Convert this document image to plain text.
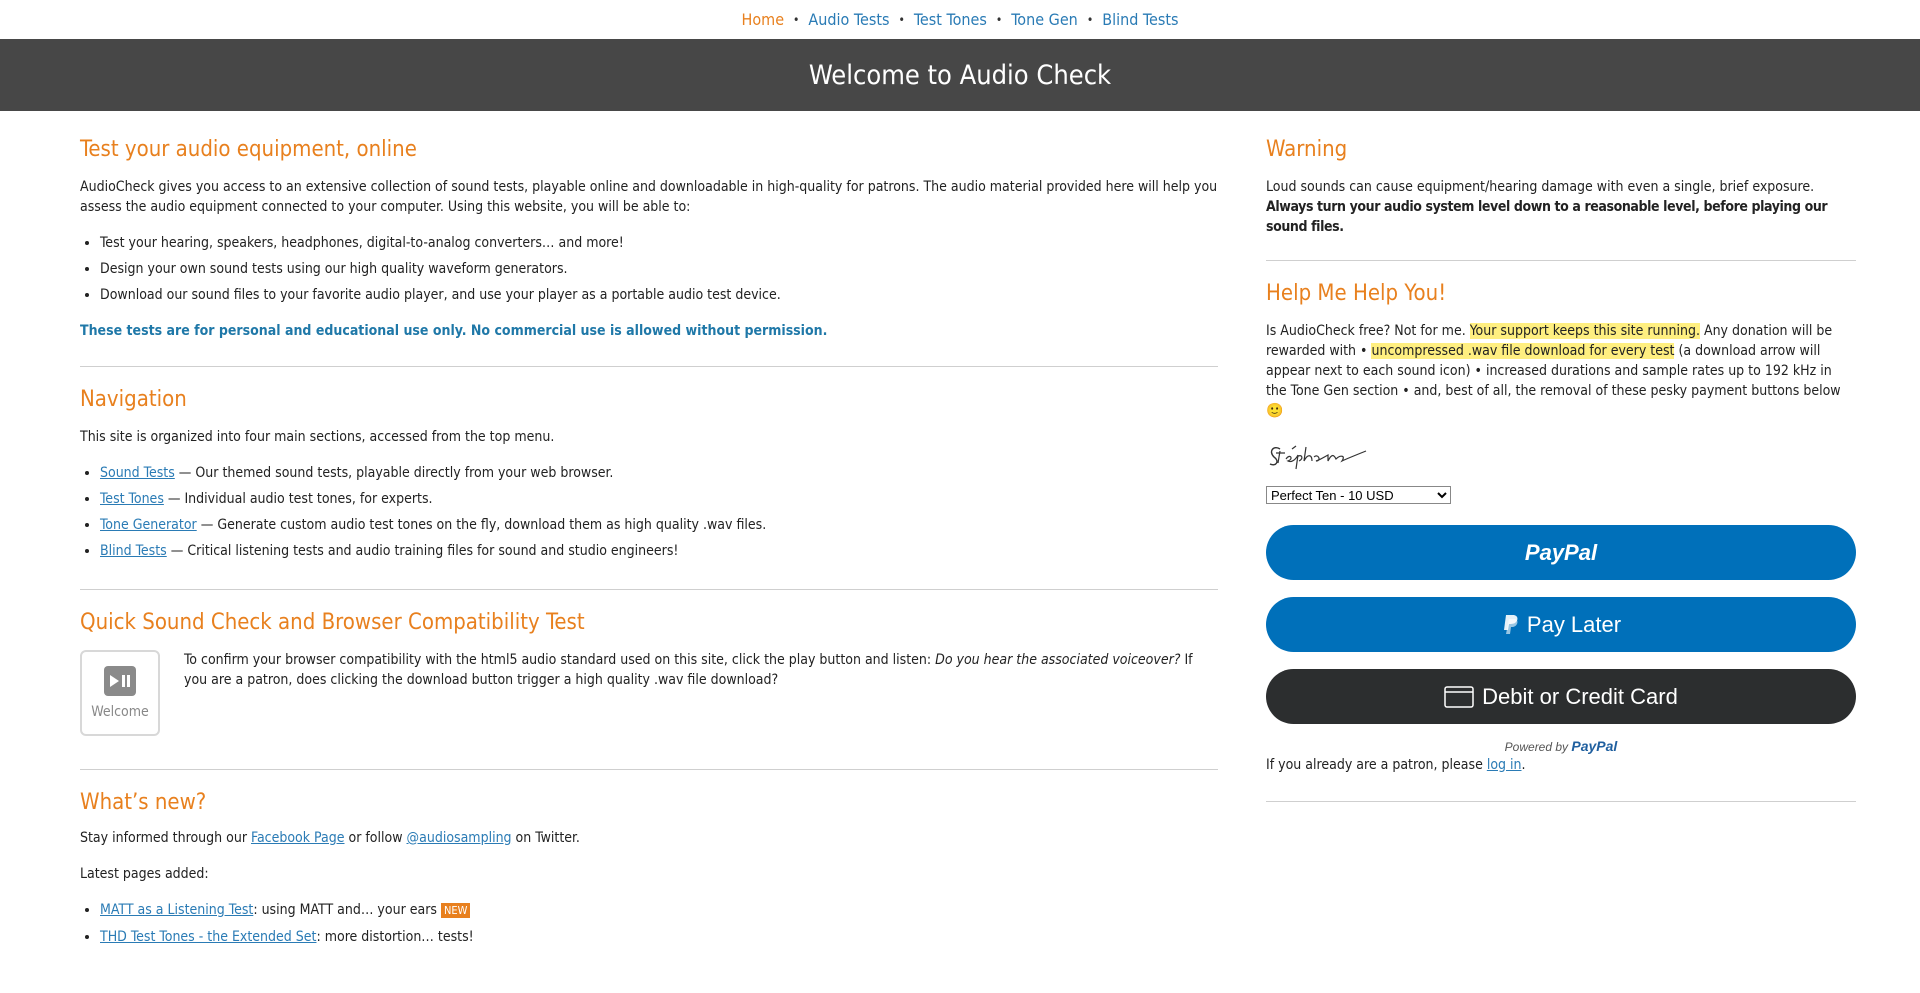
Home • Audio Tests • Test Tones • Tone Gen • Blind Tests
Welcome to Audio Check
Test your audio equipment, online

AudioCheck gives you access to an extensive collection of sound tests, playable online and downloadable in high-quality for patrons. The audio material provided here will help you assess the audio equipment connected to your computer. Using this website, you will be able to:

• Test your hearing, speakers, headphones, digital-to-analog converters… and more!
• Design your own sound tests using our high quality waveform generators.
• Download our sound files to your favorite audio player, and use your player as a portable audio test device.

These tests are for personal and educational use only. No commercial use is allowed without permission.

Navigation

This site is organized into four main sections, accessed from the top menu.

• Sound Tests — Our themed sound tests, playable directly from your web browser.
• Test Tones — Individual audio test tones, for experts.
• Tone Generator — Generate custom audio test tones on the fly, download them as high quality .wav files.
• Blind Tests — Critical listening tests and audio training files for sound and studio engineers!
Quick Sound Check and Browser Compatibility Test
Welcome

To confirm your browser compatibility with the html5 audio standard used on this site, click the play button and listen: Do you hear the associated voiceover? If you are a patron, does clicking the download button trigger a high quality .wav file download?

What’s new?

Stay informed through our Facebook Page or follow @audiosampling on Twitter.

Latest pages added:

• MATT as a Listening Test: using MATT and… your ears NEW
• THD Test Tones - the Extended Set: more distortion… tests!
Warning

Loud sounds can cause equipment/hearing damage with even a single, brief exposure. Always turn your audio system level down to a reasonable level, before playing our sound files.

Help Me Help You!

Is AudioCheck free? Not for me. Your support keeps this site running. Any donation will be rewarded with • uncompressed .wav file download for every test (a download arrow will appear next to each sound icon) • increased durations and sample rates up to 192 kHz in the Tone Gen section • and, best of all, the removal of these pesky payment buttons below 🙂

Stéphane
Perfect Ten - 10 USD
PayPal
Pay Later
Debit or Credit Card
Powered by PayPal

If you already are a patron, please log in.
